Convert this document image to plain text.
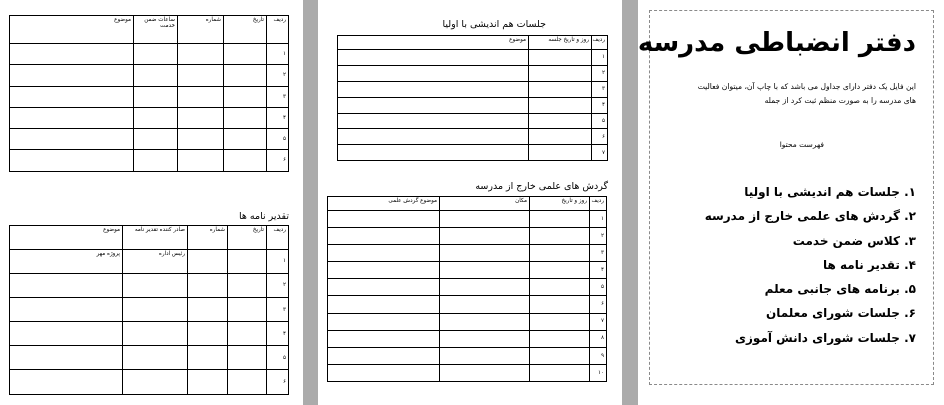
ردیف	تاریخ	شماره	ساعات ضمن خدمت	موضوع
۱				
۲				
۳				
۴				
۵				
۶				
تقدیر نامه ها
ردیف	تاریخ	شماره	صادر کننده تقدیر نامه	موضوع
۱			رئیس اداره	پروژه مهر
۲				
۳				
۴				
۵				
۶				
جلسات هم اندیشی با اولیا
ردیف	روز و تاریخ جلسه	موضوع
۱		
۲		
۳		
۴		
۵		
۶		
۷		
گردش های علمی خارج از مدرسه
ردیف	روز و تاریخ	مکان	موضوع گردش علمی
۱			
۲			
۳			
۴			
۵			
۶			
۷			
۸			
۹			
۱۰			
دفتر انضباطی مدرسه
این فایل یک دفتر دارای جداول می باشد که با چاپ آن، میتوان فعالیت های مدرسه را به صورت منظم ثبت کرد از جمله
فهرست محتوا
۱. جلسات هم اندیشی با اولیا
۲. گردش های علمی خارج از مدرسه
۳. کلاس ضمن خدمت
۴. تقدیر نامه ها
۵. برنامه های جانبی معلم
۶. جلسات شورای معلمان
۷. جلسات شورای دانش آموزی
